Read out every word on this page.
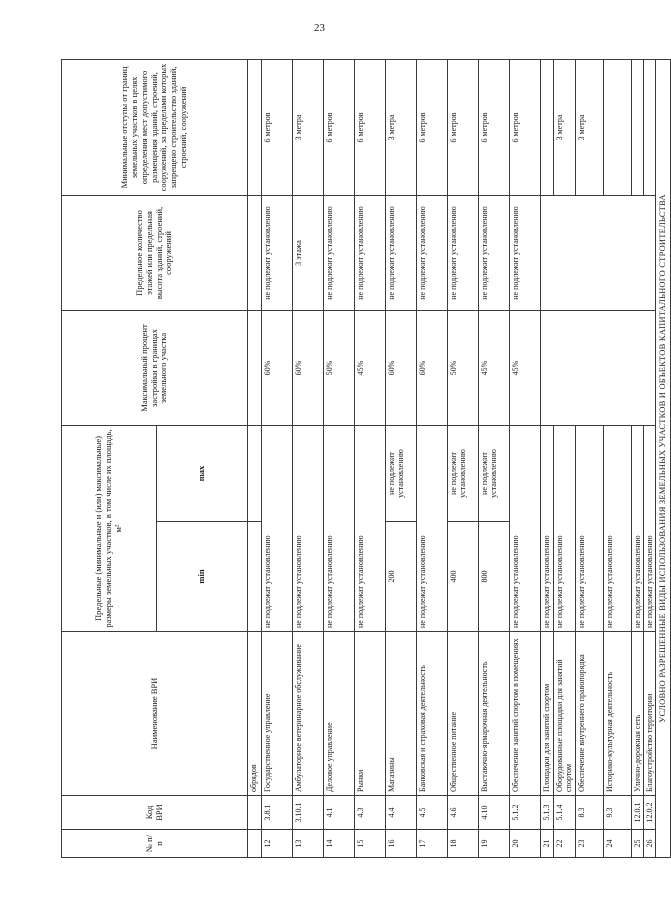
23
№ п/п	Код ВРИ	Наименование ВРИ	Предельные (минимальные и (или) максимальные) размеры земельных участков, в том числе их площадь, м²		Максимальный процент застройки в границах земельного участка	Предельное количество этажей или предельная высота зданий, строений, сооружений	Минимальные отступы от границ земельных участков в целях определения мест допустимого размещения зданий, строений, сооружений, за пределами которых запрещено строительство зданий, строений, сооружений
			min	max			
		обрядов					
12	3.8.1	Государственное управление	не подлежат установлению		60%	не подлежит установлению	6 метров
13	3.10.1	Амбулаторное ветеринарное обслуживание	не подлежат установлению		60%	3 этажа	3 метра
14	4.1	Деловое управление	не подлежат установлению		50%	не подлежит установлению	6 метров
15	4.3	Рынки	не подлежат установлению		45%	не подлежит установлению	6 метров
16	4.4	Магазины	200	не подлежит установлению	60%	не подлежит установлению	3 метра
17	4.5	Банковская и страховая деятельность	не подлежат установлению		60%	не подлежит установлению	6 метров
18	4.6	Общественное питание	400	не подлежит установлению	50%	не подлежит установлению	6 метров
19	4.10	Выставочно-ярмарочная деятельность	800	не подлежит установлению	45%	не подлежит установлению	6 метров
20	5.1.2	Обеспечение занятий спортом в помещениях	не подлежат установлению		45%	не подлежит установлению	6 метров
21	5.1.3	Площадки для занятий спортом	не подлежат установлению				
22	5.1.4	Оборудованные площадки для занятий спортом	не подлежат установлению				3 метра
23	8.3	Обеспечение внутреннего правопорядка	не подлежат установлению				3 метра
24	9.3	Историко-культурная деятельность	не подлежат установлению				
25	12.0.1	Улично-дорожная сеть	не подлежат установлению				
26	12.0.2	Благоустройство территории	не подлежат установлению				
УСЛОВНО РАЗРЕШЕННЫЕ ВИДЫ ИСПОЛЬЗОВАНИЯ ЗЕМЕЛЬНЫХ УЧАСТКОВ И ОБЪЕКТОВ КАПИТАЛЬНОГО СТРОИТЕЛЬСТВА							
